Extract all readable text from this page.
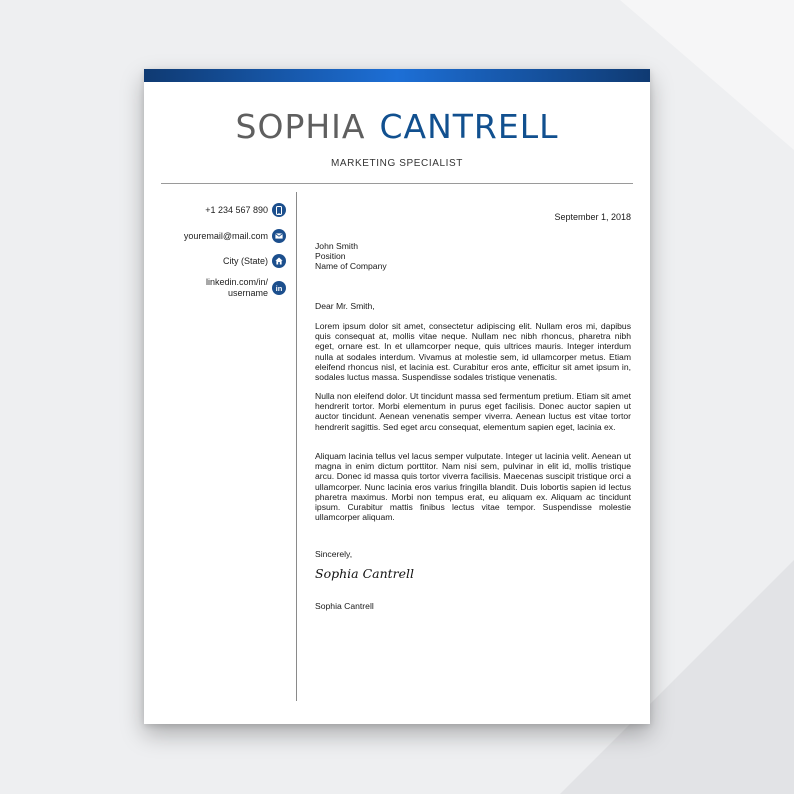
SOPHIA CANTRELL
MARKETING SPECIALIST
+1 234 567 890
youremail@mail.com
City (State)
linkedin.com/in/
username	in
September 1, 2018
John Smith
Position
Name of Company
Dear Mr. Smith,
Lorem ipsum dolor sit amet, consectetur adipiscing elit. Nullam eros mi, dapibus quis consequat at, mollis vitae neque. Nullam nec nibh rhoncus, pharetra nibh eget, ornare est. In et ullamcorper neque, quis ultrices mauris. Integer interdum nulla at sodales interdum. Vivamus at molestie sem, id ullamcorper metus. Etiam eleifend rhoncus nisl, et lacinia est. Curabitur eros ante, efficitur sit amet ipsum in, sodales luctus massa. Suspendisse sodales tristique venenatis.
Nulla non eleifend dolor. Ut tincidunt massa sed fermentum pretium. Etiam sit amet hendrerit tortor. Morbi elementum in purus eget facilisis. Donec auctor sapien ut auctor tincidunt. Aenean venenatis semper viverra. Aenean luctus est vitae tortor hendrerit sagittis. Sed eget arcu consequat, elementum sapien eget, lacinia ex.
Aliquam lacinia tellus vel lacus semper vulputate. Integer ut lacinia velit. Aenean ut magna in enim dictum porttitor. Nam nisi sem, pulvinar in elit id, mollis tristique arcu. Donec id massa quis tortor viverra facilisis. Maecenas suscipit tristique orci a ullamcorper. Nunc lacinia eros varius fringilla blandit. Duis lobortis sapien id lectus pharetra maximus. Morbi non tempus erat, eu aliquam ex. Aliquam ac tincidunt ipsum. Curabitur mattis finibus lectus vitae tempor. Suspendisse molestie ullamcorper aliquam.
Sincerely,
Sophia Cantrell
Sophia Cantrell
